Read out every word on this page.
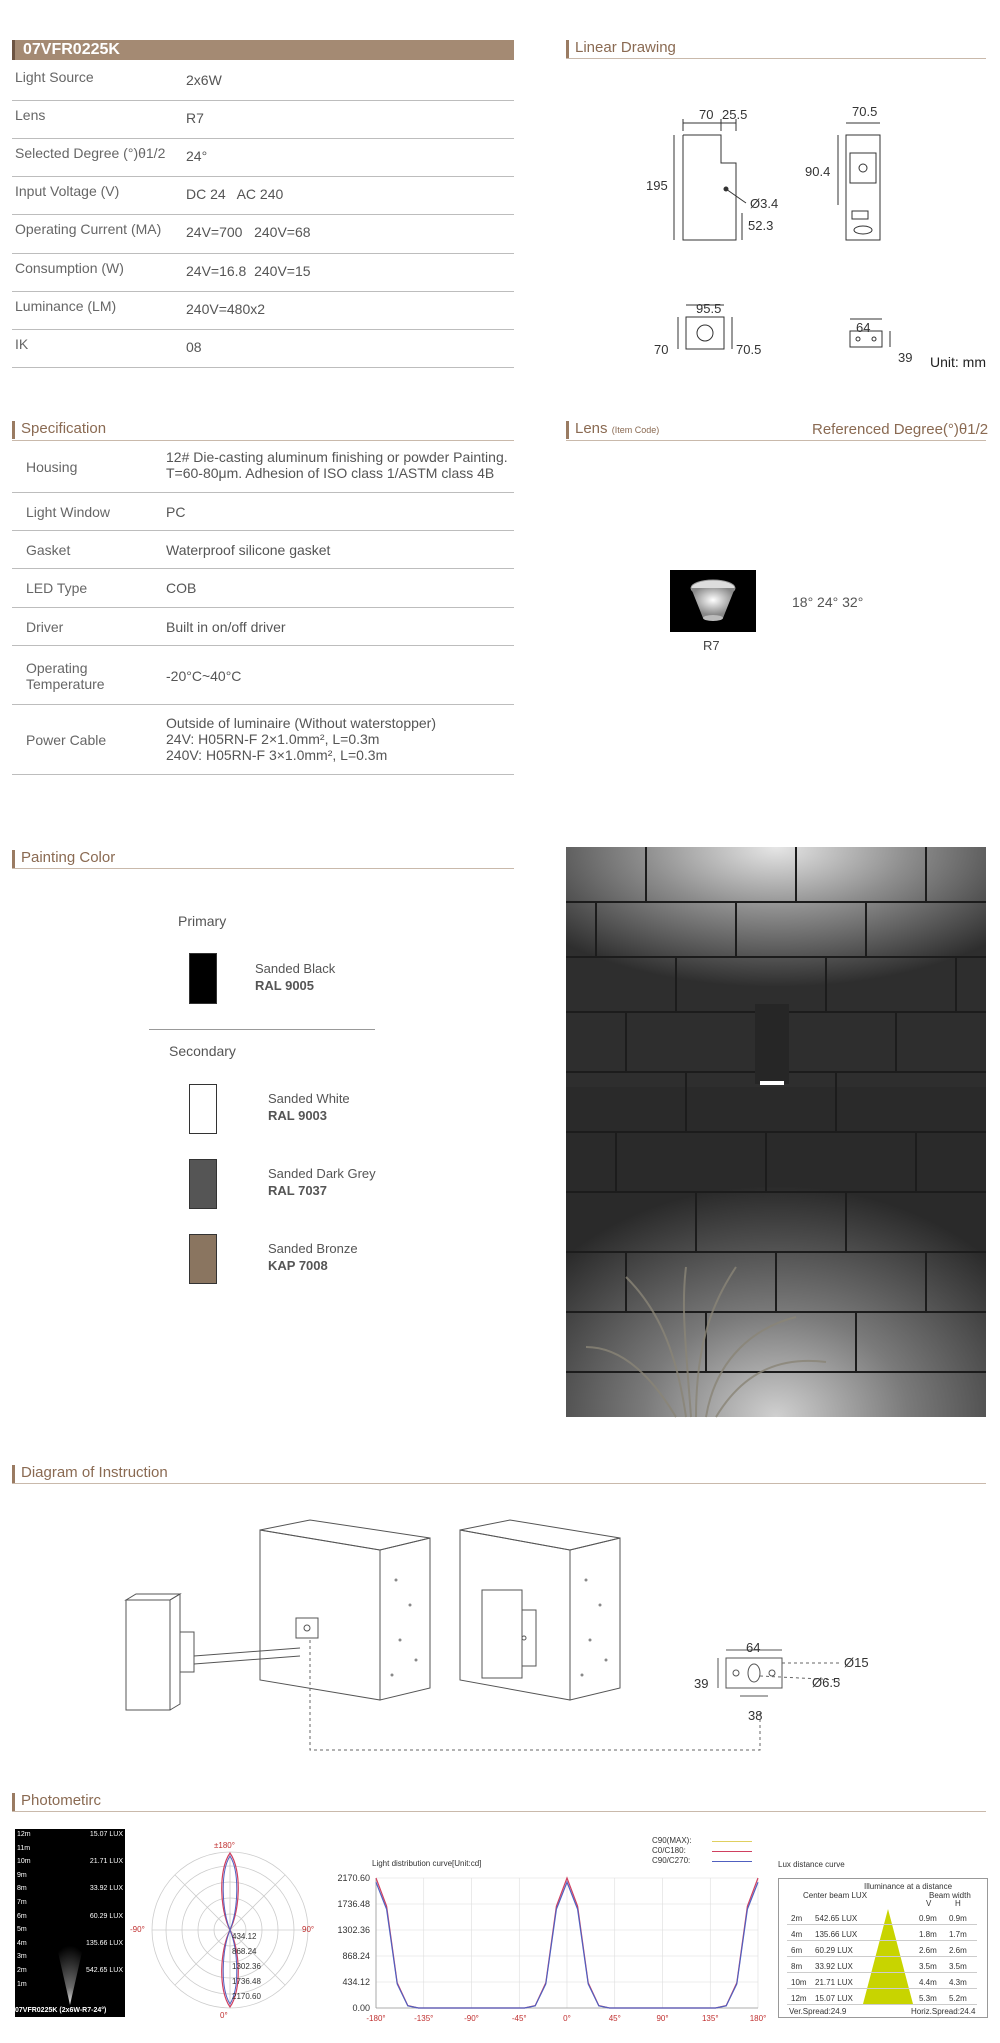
07VFR0225K
Light Source	2x6W
Lens	R7
Selected Degree (°)θ1/2 24°
Input Voltage (V)	DC 24   AC 240
Operating Current (MA) 24V=700   240V=68
Consumption (W)	24V=16.8  240V=15
Luminance (LM)	240V=480x2
IK	08
Linear Drawing
70 25.5
195
Ø3.4
52.3
70.5
90.4
95.5
70	70.5
64
39 Unit: mm
Specification
Housing
12# Die-casting aluminum finishing or powder Painting.
T=60-80μm. Adhesion of ISO class 1/ASTM class 4B
Light Window	PC
Gasket	Waterproof silicone gasket
LED Type	COB
Driver	Built in on/off driver
Operating
Temperature	-20°C~40°C
Power Cable
Outside of luminaire (Without waterstopper)
24V: H05RN-F 2×1.0mm², L=0.3m
240V: H05RN-F 3×1.0mm², L=0.3m
Lens (Item Code)	Referenced Degree(°)θ1/2
R7
18° 24° 32°
Painting Color
Primary
Sanded Black
RAL 9005
Secondary
Sanded White
RAL 9003
Sanded Dark Grey
RAL 7037
Sanded Bronze
KAP 7008
Diagram of Instruction
64
39
Ø15
Ø6.5
38
Photometirc
12m
11m
10m
9m
8m
7m
6m
5m
4m
3m
2m
1m
15.07 LUX
21.71 LUX
33.92 LUX
60.29 LUX
135.66 LUX
542.65 LUX
07VFR0225K (2x6W-R7-24°)
±180°
-90°	90°
0°
434.12
868.24
1302.36
1736.48
2170.60
Light distribution curve[Unit:cd]
C90(MAX):
C0/C180:
C90/C270:
0.00
434.12
868.24
1302.36
1736.48
2170.60
-180°	-135°	-90°	-45°	0°	45°	90°	135°	180°
Lux distance curve
Illuminance at a distance
Center beam LUX	Beam width
V	H
2m 542.65 LUX	0.9m 0.9m
4m 135.66 LUX	1.8m 1.7m
6m 60.29 LUX	2.6m 2.6m
8m 33.92 LUX	3.5m 3.5m
10m 21.71 LUX	4.4m 4.3m
12m 15.07 LUX	5.3m 5.2m
Ver.Spread:24.9	Horiz.Spread:24.4
